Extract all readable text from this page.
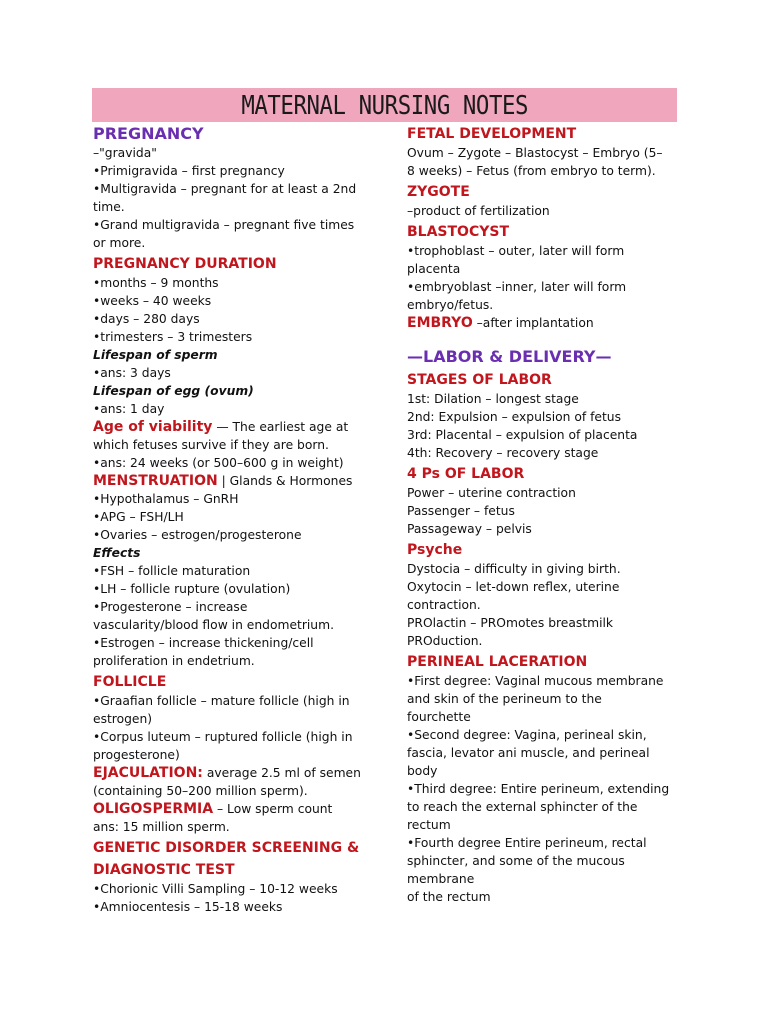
MATERNAL NURSING NOTES
PREGNANCY
–"gravida"
•Primigravida – first pregnancy
•Multigravida – pregnant for at least a 2nd
time.
•Grand multigravida – pregnant five times
or more.
PREGNANCY DURATION
•months – 9 months
•weeks – 40 weeks
•days – 280 days
•trimesters – 3 trimesters
Lifespan of sperm
•ans: 3 days
Lifespan of egg (ovum)
•ans: 1 day
Age of viability — The earliest age at
which fetuses survive if they are born.
•ans: 24 weeks (or 500–600 g in weight)
MENSTRUATION | Glands & Hormones
•Hypothalamus – GnRH
•APG – FSH/LH
•Ovaries – estrogen/progesterone
Effects
•FSH – follicle maturation
•LH – follicle rupture (ovulation)
•Progesterone – increase
vascularity/blood flow in endometrium.
•Estrogen – increase thickening/cell
proliferation in endetrium.
FOLLICLE
•Graafian follicle – mature follicle (high in
estrogen)
•Corpus luteum – ruptured follicle (high in
progesterone)
EJACULATION: average 2.5 ml of semen
(containing 50–200 million sperm).
OLIGOSPERMIA – Low sperm count
ans: 15 million sperm.
GENETIC DISORDER SCREENING &
DIAGNOSTIC TEST
•Chorionic Villi Sampling – 10-12 weeks
•Amniocentesis – 15-18 weeks
FETAL DEVELOPMENT
Ovum – Zygote – Blastocyst – Embryo (5–
8 weeks) – Fetus (from embryo to term).
ZYGOTE
–product of fertilization
BLASTOCYST
•trophoblast – outer, later will form
placenta
•embryoblast –inner, later will form
embryo/fetus.
EMBRYO –after implantation
—LABOR & DELIVERY—
STAGES OF LABOR
1st: Dilation – longest stage
2nd: Expulsion – expulsion of fetus
3rd: Placental – expulsion of placenta
4th: Recovery – recovery stage
4 Ps OF LABOR
Power – uterine contraction
Passenger – fetus
Passageway – pelvis
Psyche
Dystocia – difficulty in giving birth.
Oxytocin – let-down reflex, uterine
contraction.
PROlactin – PROmotes breastmilk
PROduction.
PERINEAL LACERATION
•First degree: Vaginal mucous membrane
and skin of the perineum to the
fourchette
•Second degree: Vagina, perineal skin,
fascia, levator ani muscle, and perineal
body
•Third degree: Entire perineum, extending
to reach the external sphincter of the
rectum
•Fourth degree Entire perineum, rectal
sphincter, and some of the mucous
membrane
of the rectum
